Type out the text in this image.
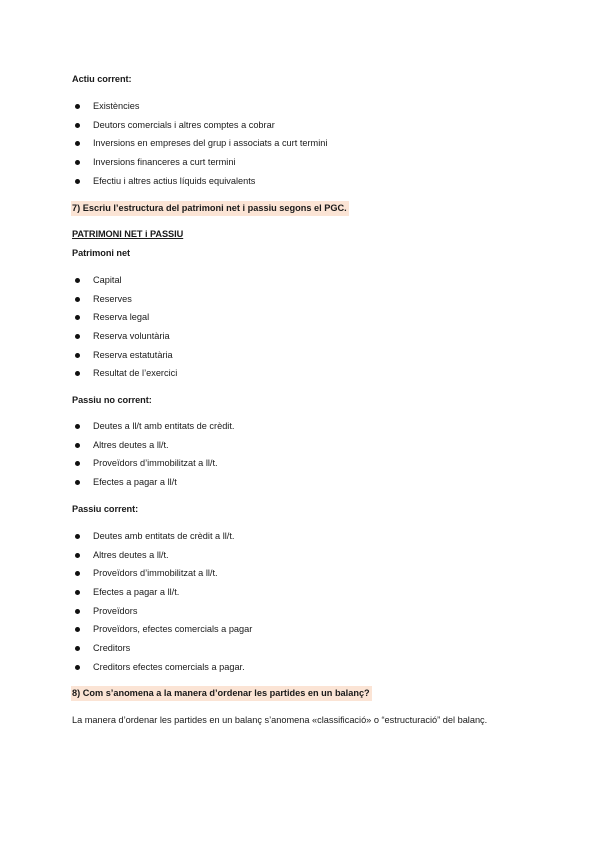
Actiu corrent:
Existències
Deutors comercials i altres comptes a cobrar
Inversions en empreses del grup i associats a curt termini
Inversions financeres a curt termini
Efectiu i altres actius líquids equivalents
7) Escriu l’estructura del patrimoni net i passiu segons el PGC.
PATRIMONI NET i PASSIU
Patrimoni net
Capital
Reserves
Reserva legal
Reserva voluntària
Reserva estatutària
Resultat de l’exercici
Passiu no corrent:
Deutes a ll/t amb entitats de crèdit.
Altres deutes a ll/t.
Proveïdors d’immobilitzat a ll/t.
Efectes a pagar a ll/t
Passiu corrent:
Deutes amb entitats de crèdit a ll/t.
Altres deutes a ll/t.
Proveïdors d’immobilitzat a ll/t.
Efectes a pagar a ll/t.
Proveïdors
Proveïdors, efectes comercials a pagar
Creditors
Creditors efectes comercials a pagar.
8) Com s’anomena a la manera d’ordenar les partides en un balanç?
La manera d’ordenar les partides en un balanç s’anomena «classificació» o “estructuració” del balanç.
